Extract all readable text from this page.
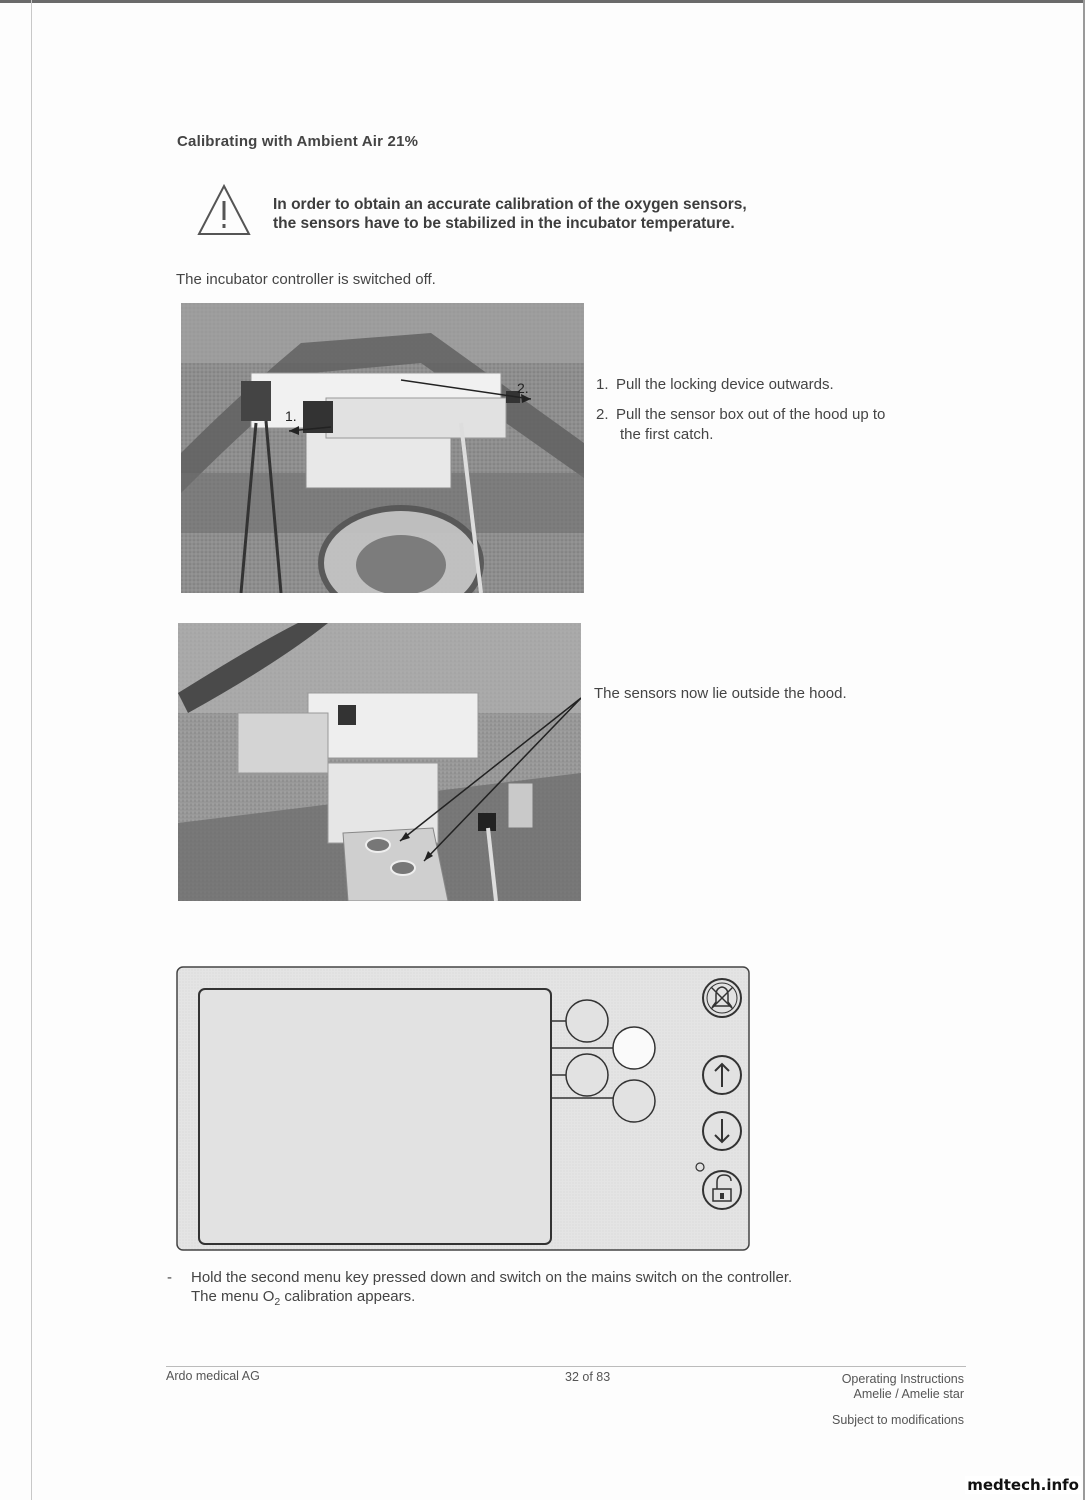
Calibrating with Ambient Air 21%
In order to obtain an accurate calibration of the oxygen sensors,
the sensors have to be stabilized in the incubator temperature.
The incubator controller is switched off.
1.
2.	1. Pull the locking device outwards.
2. Pull the sensor box out of the hood up to the first catch.
The sensors now lie outside the hood.
- Hold the second menu key pressed down and switch on the mains switch on the controller.
The menu $O_2$ calibration appears.
Ardo medical AG	32 of 83	Operating Instructions
Amelie / Amelie star
Subject to modifications
medtech.info
